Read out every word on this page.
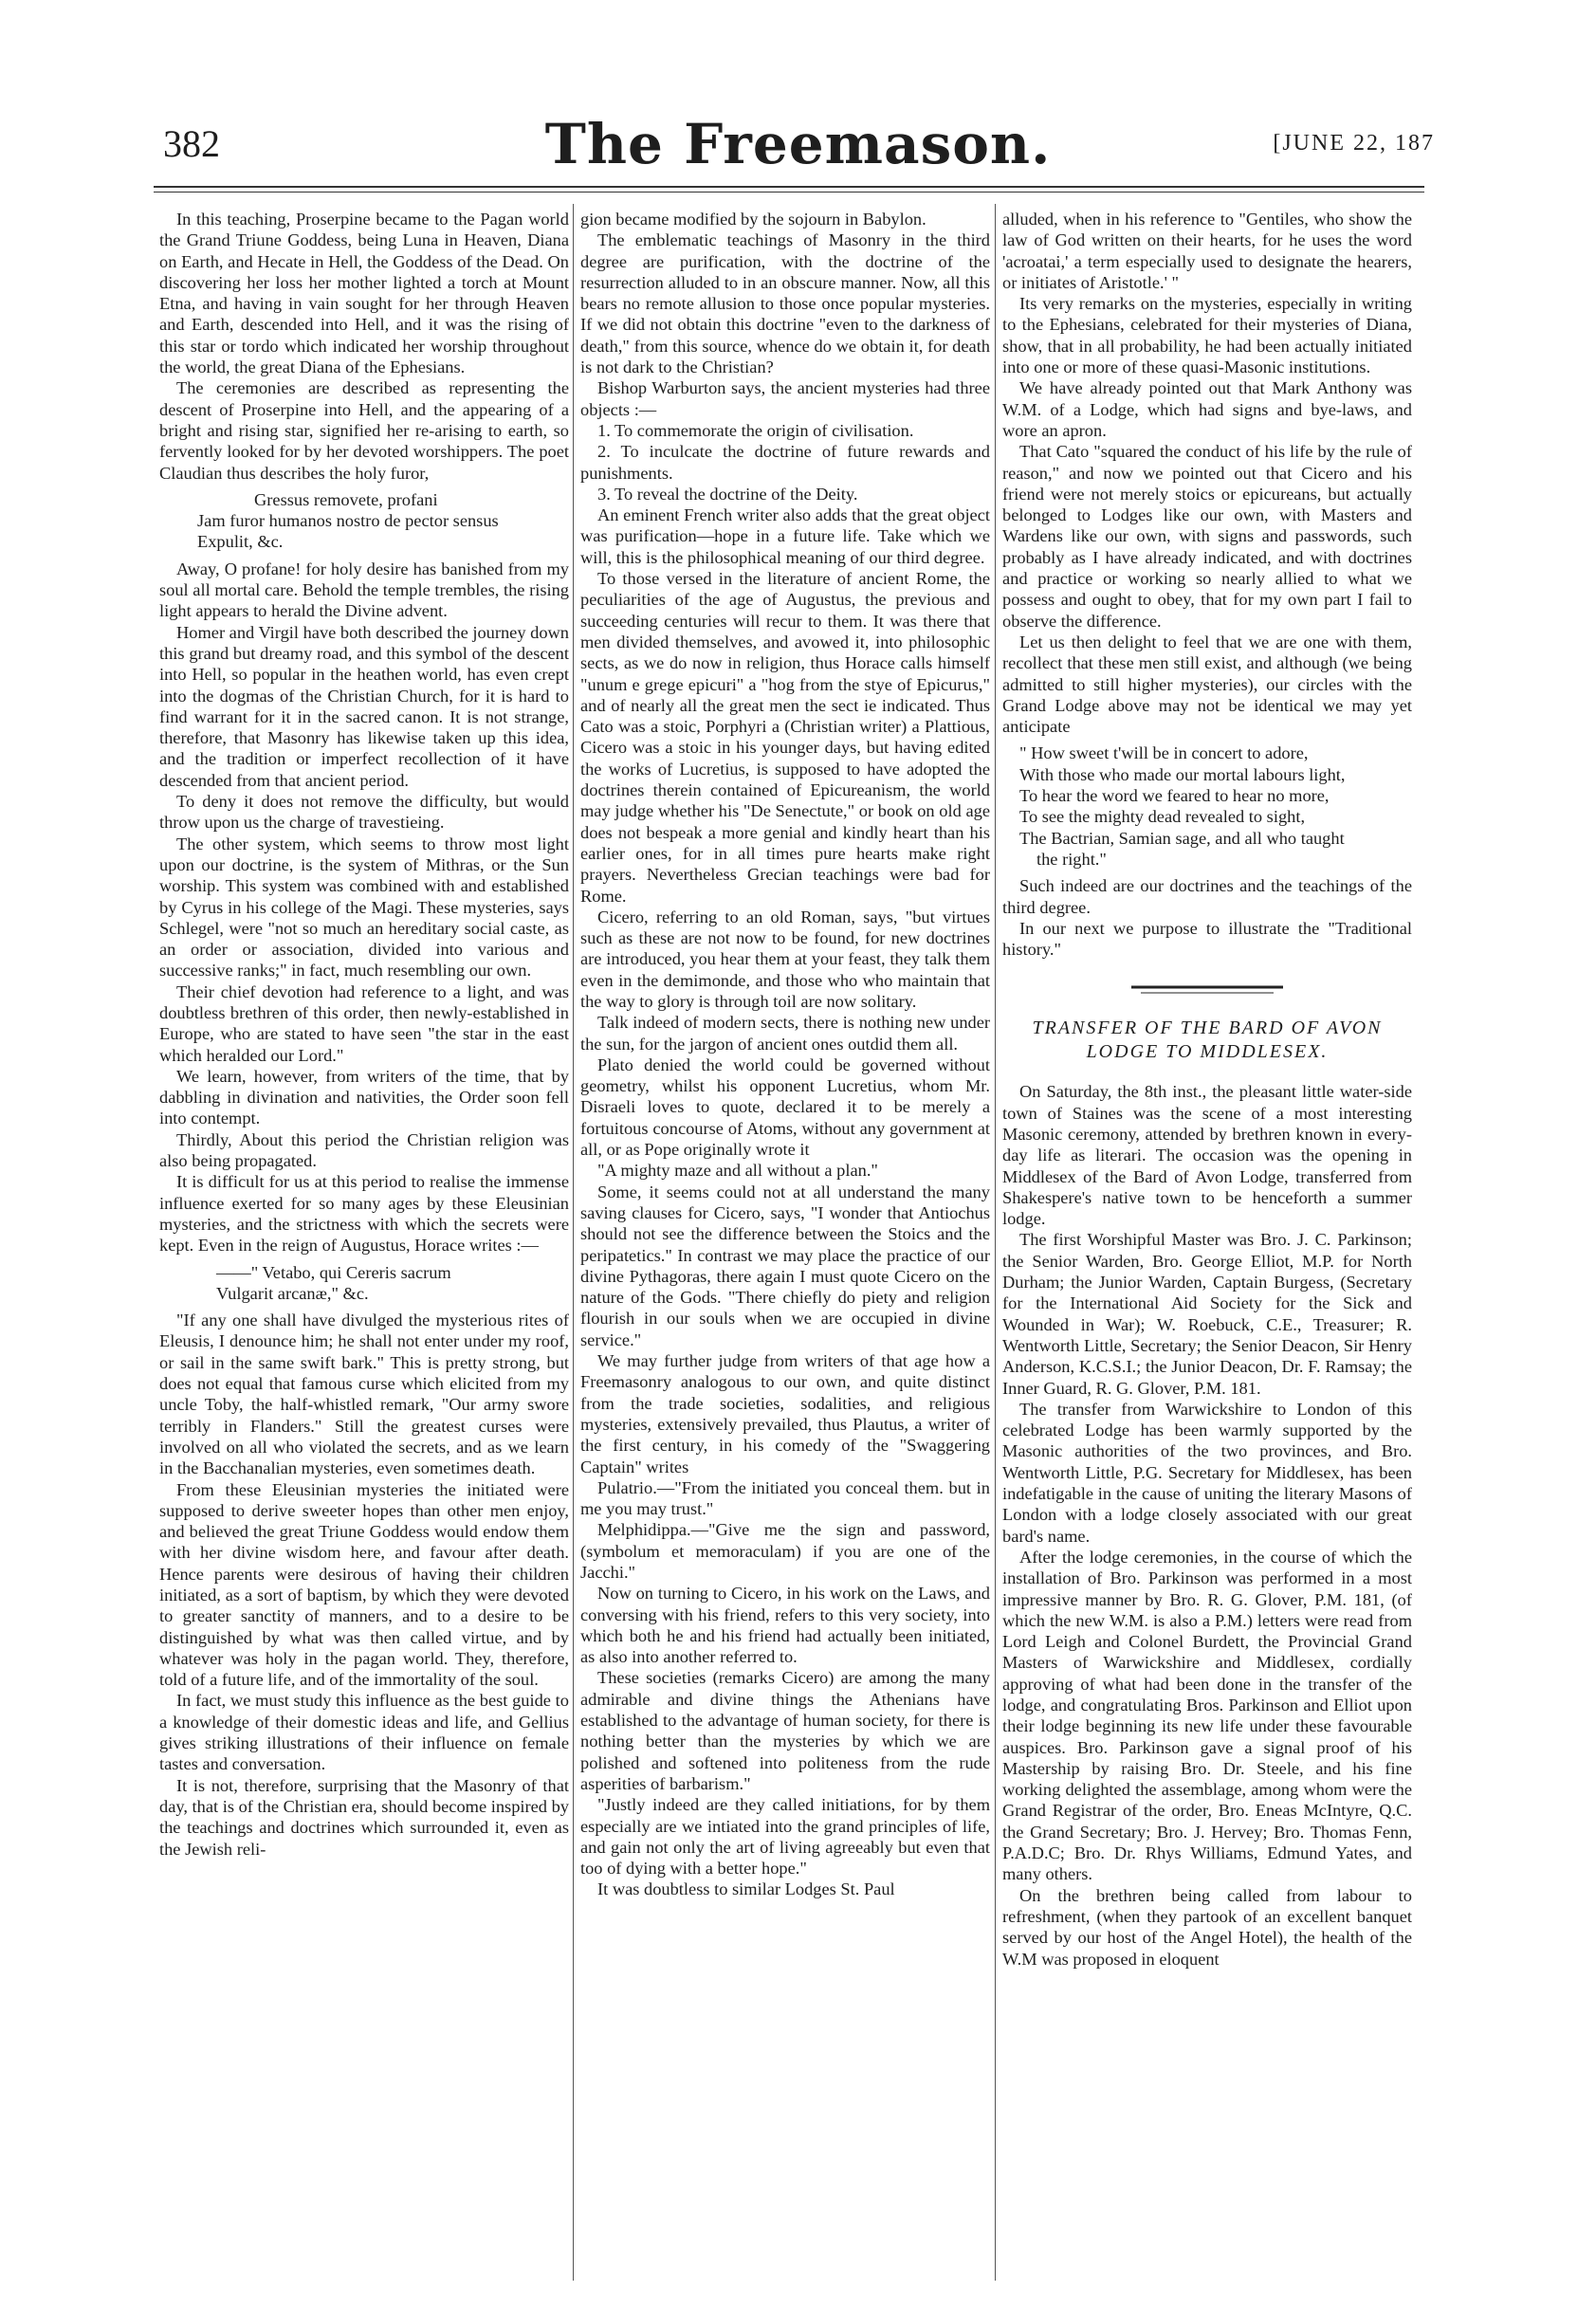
382	The Freemason.	[JUNE 22, 187

In this teaching, Proserpine became to the Pagan world the Grand Triune Goddess, being Luna in Heaven, Diana on Earth, and Hecate in Hell, the Goddess of the Dead. On discovering her loss her mother lighted a torch at Mount Etna, and having in vain sought for her through Heaven and Earth, descended into Hell, and it was the rising of this star or tordo which indicated her worship throughout the world, the great Diana of the Ephesians.

The ceremonies are described as representing the descent of Proserpine into Hell, and the appearing of a bright and rising star, signified her re-arising to earth, so fervently looked for by her devoted worshippers. The poet Claudian thus describes the holy furor,

Gressus removete, profani

Jam furor humanos nostro de pector sensus

Expulit, &c.

Away, O profane! for holy desire has banished from my soul all mortal care. Behold the temple trembles, the rising light appears to herald the Divine advent.

Homer and Virgil have both described the journey down this grand but dreamy road, and this symbol of the descent into Hell, so popular in the heathen world, has even crept into the dogmas of the Christian Church, for it is hard to find warrant for it in the sacred canon. It is not strange, therefore, that Masonry has likewise taken up this idea, and the tradition or imperfect recollection of it have descended from that ancient period.

To deny it does not remove the difficulty, but would throw upon us the charge of travestieing.

The other system, which seems to throw most light upon our doctrine, is the system of Mithras, or the Sun worship. This system was combined with and established by Cyrus in his college of the Magi. These mysteries, says Schlegel, were "not so much an hereditary social caste, as an order or association, divided into various and successive ranks;" in fact, much resembling our own.

Their chief devotion had reference to a light, and was doubtless brethren of this order, then newly-established in Europe, who are stated to have seen "the star in the east which heralded our Lord."

We learn, however, from writers of the time, that by dabbling in divination and nativities, the Order soon fell into contempt.

Thirdly, About this period the Christian religion was also being propagated.

It is difficult for us at this period to realise the immense influence exerted for so many ages by these Eleusinian mysteries, and the strictness with which the secrets were kept. Even in the reign of Augustus, Horace writes :—

——" Vetabo, qui Cereris sacrum

Vulgarit arcanæ," &c.

"If any one shall have divulged the mysterious rites of Eleusis, I denounce him; he shall not enter under my roof, or sail in the same swift bark." This is pretty strong, but does not equal that famous curse which elicited from my uncle Toby, the half-whistled remark, "Our army swore terribly in Flanders." Still the greatest curses were involved on all who violated the secrets, and as we learn in the Bacchanalian mysteries, even sometimes death.

From these Eleusinian mysteries the initiated were supposed to derive sweeter hopes than other men enjoy, and believed the great Triune Goddess would endow them with her divine wisdom here, and favour after death. Hence parents were desirous of having their children initiated, as a sort of baptism, by which they were devoted to greater sanctity of manners, and to a desire to be distinguished by what was then called virtue, and by whatever was holy in the pagan world. They, therefore, told of a future life, and of the immortality of the soul.

In fact, we must study this influence as the best guide to a knowledge of their domestic ideas and life, and Gellius gives striking illustrations of their influence on female tastes and conversation.

It is not, therefore, surprising that the Masonry of that day, that is of the Christian era, should become inspired by the teachings and doctrines which surrounded it, even as the Jewish reli-

gion became modified by the sojourn in Babylon.

The emblematic teachings of Masonry in the third degree are purification, with the doctrine of the resurrection alluded to in an obscure manner. Now, all this bears no remote allusion to those once popular mysteries. If we did not obtain this doctrine "even to the darkness of death," from this source, whence do we obtain it, for death is not dark to the Christian?

Bishop Warburton says, the ancient mysteries had three objects :—

1. To commemorate the origin of civilisation.

2. To inculcate the doctrine of future rewards and punishments.

3. To reveal the doctrine of the Deity.

An eminent French writer also adds that the great object was purification—hope in a future life. Take which we will, this is the philosophical meaning of our third degree.

To those versed in the literature of ancient Rome, the peculiarities of the age of Augustus, the previous and succeeding centuries will recur to them. It was there that men divided themselves, and avowed it, into philosophic sects, as we do now in religion, thus Horace calls himself "unum e grege epicuri" a "hog from the stye of Epicurus," and of nearly all the great men the sect ie indicated. Thus Cato was a stoic, Porphyri a (Christian writer) a Plattious, Cicero was a stoic in his younger days, but having edited the works of Lucretius, is supposed to have adopted the doctrines therein contained of Epicureanism, the world may judge whether his "De Senectute," or book on old age does not bespeak a more genial and kindly heart than his earlier ones, for in all times pure hearts make right prayers. Nevertheless Grecian teachings were bad for Rome.

Cicero, referring to an old Roman, says, "but virtues such as these are not now to be found, for new doctrines are introduced, you hear them at your feast, they talk them even in the demimonde, and those who who maintain that the way to glory is through toil are now solitary.

Talk indeed of modern sects, there is nothing new under the sun, for the jargon of ancient ones outdid them all.

Plato denied the world could be governed without geometry, whilst his opponent Lucretius, whom Mr. Disraeli loves to quote, declared it to be merely a fortuitous concourse of Atoms, without any government at all, or as Pope originally wrote it

"A mighty maze and all without a plan."

Some, it seems could not at all understand the many saving clauses for Cicero, says, "I wonder that Antiochus should not see the difference between the Stoics and the peripatetics." In contrast we may place the practice of our divine Pythagoras, there again I must quote Cicero on the nature of the Gods. "There chiefly do piety and religion flourish in our souls when we are occupied in divine service."

We may further judge from writers of that age how a Freemasonry analogous to our own, and quite distinct from the trade societies, sodalities, and religious mysteries, extensively prevailed, thus Plautus, a writer of the first century, in his comedy of the "Swaggering Captain" writes

Pulatrio.—"From the initiated you conceal them. but in me you may trust."

Melphidippa.—"Give me the sign and password, (symbolum et memoraculam) if you are one of the Jacchi."

Now on turning to Cicero, in his work on the Laws, and conversing with his friend, refers to this very society, into which both he and his friend had actually been initiated, as also into another referred to.

These societies (remarks Cicero) are among the many admirable and divine things the Athenians have established to the advantage of human society, for there is nothing better than the mysteries by which we are polished and softened into politeness from the rude asperities of barbarism."

"Justly indeed are they called initiations, for by them especially are we intiated into the grand principles of life, and gain not only the art of living agreeably but even that too of dying with a better hope."

It was doubtless to similar Lodges St. Paul

alluded, when in his reference to "Gentiles, who show the law of God written on their hearts, for he uses the word 'acroatai,' a term especially used to designate the hearers, or initiates of Aristotle.' "

Its very remarks on the mysteries, especially in writing to the Ephesians, celebrated for their mysteries of Diana, show, that in all probability, he had been actually initiated into one or more of these quasi-Masonic institutions.

We have already pointed out that Mark Anthony was W.M. of a Lodge, which had signs and bye-laws, and wore an apron.

That Cato "squared the conduct of his life by the rule of reason," and now we pointed out that Cicero and his friend were not merely stoics or epicureans, but actually belonged to Lodges like our own, with Masters and Wardens like our own, with signs and passwords, such probably as I have already indicated, and with doctrines and practice or working so nearly allied to what we possess and ought to obey, that for my own part I fail to observe the difference.

Let us then delight to feel that we are one with them, recollect that these men still exist, and although (we being admitted to still higher mysteries), our circles with the Grand Lodge above may not be identical we may yet anticipate

" How sweet t'will be in concert to adore,

With those who made our mortal labours light,

To hear the word we feared to hear no more,

To see the mighty dead revealed to sight,

The Bactrian, Samian sage, and all who taught

the right."

Such indeed are our doctrines and the teachings of the third degree.

In our next we purpose to illustrate the "Traditional history."

TRANSFER OF THE BARD OF AVON LODGE TO MIDDLESEX.

On Saturday, the 8th inst., the pleasant little water-side town of Staines was the scene of a most interesting Masonic ceremony, attended by brethren known in every-day life as literari. The occasion was the opening in Middlesex of the Bard of Avon Lodge, transferred from Shakespere's native town to be henceforth a summer lodge.

The first Worshipful Master was Bro. J. C. Parkinson; the Senior Warden, Bro. George Elliot, M.P. for North Durham; the Junior Warden, Captain Burgess, (Secretary for the International Aid Society for the Sick and Wounded in War); W. Roebuck, C.E., Treasurer; R. Wentworth Little, Secretary; the Senior Deacon, Sir Henry Anderson, K.C.S.I.; the Junior Deacon, Dr. F. Ramsay; the Inner Guard, R. G. Glover, P.M. 181.

The transfer from Warwickshire to London of this celebrated Lodge has been warmly supported by the Masonic authorities of the two provinces, and Bro. Wentworth Little, P.G. Secretary for Middlesex, has been indefatigable in the cause of uniting the literary Masons of London with a lodge closely associated with our great bard's name.

After the lodge ceremonies, in the course of which the installation of Bro. Parkinson was performed in a most impressive manner by Bro. R. G. Glover, P.M. 181, (of which the new W.M. is also a P.M.) letters were read from Lord Leigh and Colonel Burdett, the Provincial Grand Masters of Warwickshire and Middlesex, cordially approving of what had been done in the transfer of the lodge, and congratulating Bros. Parkinson and Elliot upon their lodge beginning its new life under these favourable auspices. Bro. Parkinson gave a signal proof of his Mastership by raising Bro. Dr. Steele, and his fine working delighted the assemblage, among whom were the Grand Registrar of the order, Bro. Eneas McIntyre, Q.C. the Grand Secretary; Bro. J. Hervey; Bro. Thomas Fenn, P.A.D.C; Bro. Dr. Rhys Williams, Edmund Yates, and many others.

On the brethren being called from labour to refreshment, (when they partook of an excellent banquet served by our host of the Angel Hotel), the health of the W.M was proposed in eloquent
